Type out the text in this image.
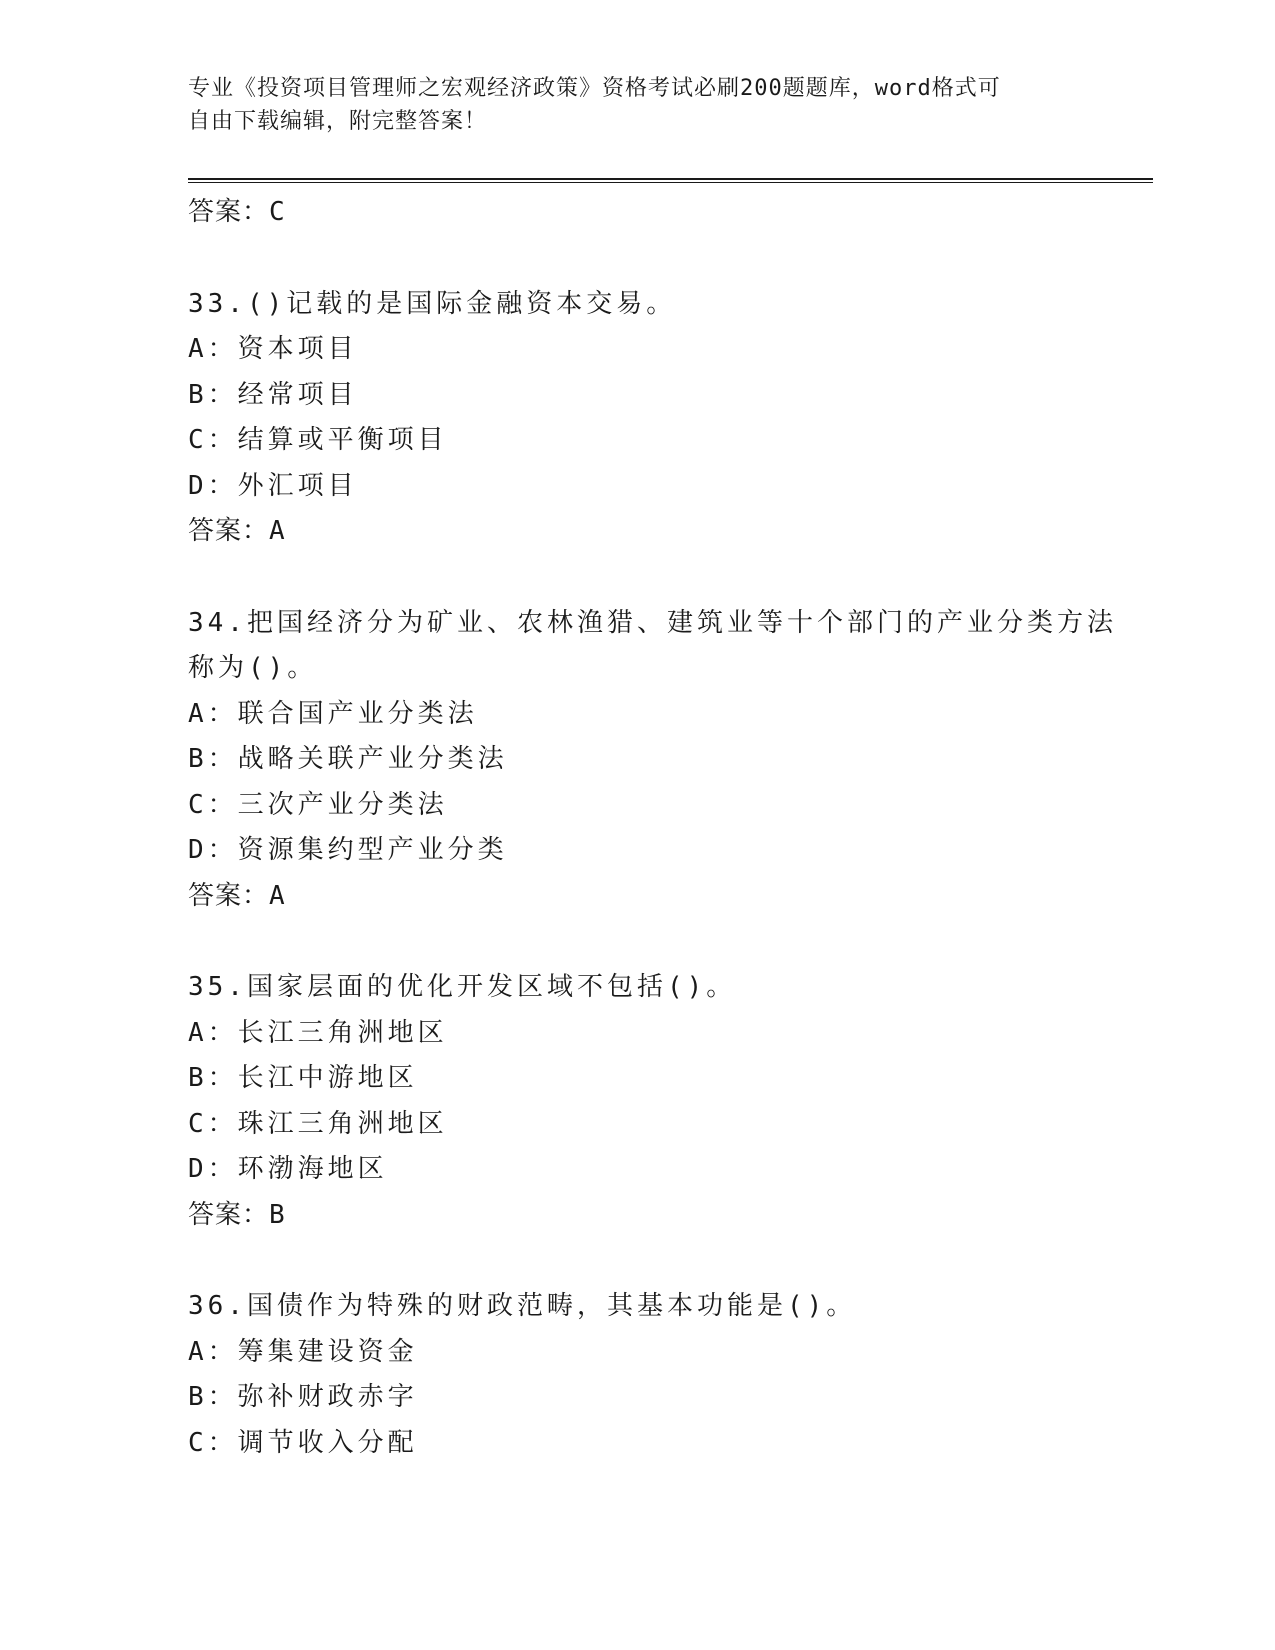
专业《投资项目管理师之宏观经济政策》资格考试必刷200题题库，word格式可
自由下载编辑，附完整答案！
答案：C
33.()记载的是国际金融资本交易。
A：资本项目
B：经常项目
C：结算或平衡项目
D：外汇项目
答案：A
34.把国经济分为矿业、农林渔猎、建筑业等十个部门的产业分类方法
称为()。
A：联合国产业分类法
B：战略关联产业分类法
C：三次产业分类法
D：资源集约型产业分类
答案：A
35.国家层面的优化开发区域不包括()。
A：长江三角洲地区
B：长江中游地区
C：珠江三角洲地区
D：环渤海地区
答案：B
36.国债作为特殊的财政范畴，其基本功能是()。
A：筹集建设资金
B：弥补财政赤字
C：调节收入分配
